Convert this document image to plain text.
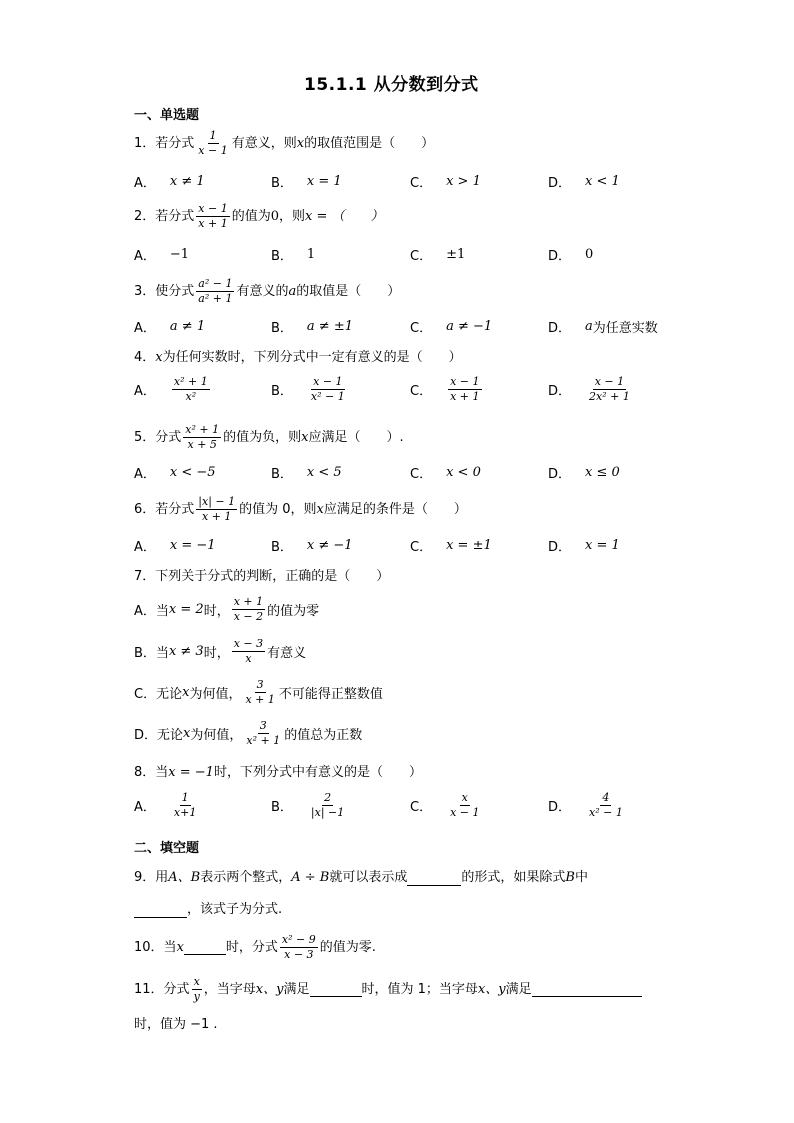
15.1.1 从分数到分式
一、单选题
1． 若分式 $\frac{1}{x - 1}$ 有意义，则 x 的取值范围是（　　）
A． x ≠ 1	B． x = 1	C． x > 1	D． x < 1
2． 若分式 $\frac{x - 1}{x + 1}$ 的值为 0 ，则 x = （　　）
A． −1	B． 1	C． ±1	D． 0
3． 使分式 $\frac{\text{a² − 1}}{\text{a² + 1}}$ 有意义的 a 的取值是（　　）
A． a ≠ 1	B． a ≠ ±1	C． a ≠ −1	D． a 为任意实数
4． x 为任何实数时，下列分式中一定有意义的是（　　）
A． $\frac{\text{x² + 1}}{\text{x²}}$	B． $\frac{x - 1}{\text{x² − 1}}$	C． $\frac{x - 1}{x + 1}$	D． $\frac{x - 1}{\text{2x² + 1}}$
5． 分式 $\frac{\text{x² + 1}}{x + 5}$ 的值为负，则 x 应满足（　　）.
A． x < −5	B． x < 5	C． x < 0	D． x ≤ 0
6． 若分式 $\frac{|x| - 1}{x + 1}$ 的值为 0，则 x 应满足的条件是（　　）
A． x = −1	B． x ≠ −1	C． x = ±1	D． x = 1
7． 下列关于分式的判断，正确的是（　　）
A． 当 x = 2 时， $\frac{x + 1}{x - 2}$ 的值为零
B． 当 x ≠ 3 时， $\frac{x - 3}{x}$ 有意义
C． 无论 x 为何值， $\frac{3}{x + 1}$ 不可能得正整数值
D． 无论 x 为何值， $\frac{3}{\text{x² + 1}}$ 的值总为正数
8． 当 x = −1 时，下列分式中有意义的是（　　）
A． $\frac{1}{x+1}$	B． $\frac{2}{|x| -1}$	C． $\frac{x}{x - 1}$	D． $\frac{4}{\text{x² − 1}}$
二、填空题
9． 用 A、B 表示两个整式， A ÷ B 就可以表示成	的形式，如果除式 B 中
，该式子为分式.
10． 当 x	时，分式 $\frac{\text{x² − 9}}{x - 3}$ 的值为零.
11． 分式 $\frac{x}{y}$ ，当字母 x、y 满足	时，值为 1；当字母 x、y 满足
时，值为 −1 .
